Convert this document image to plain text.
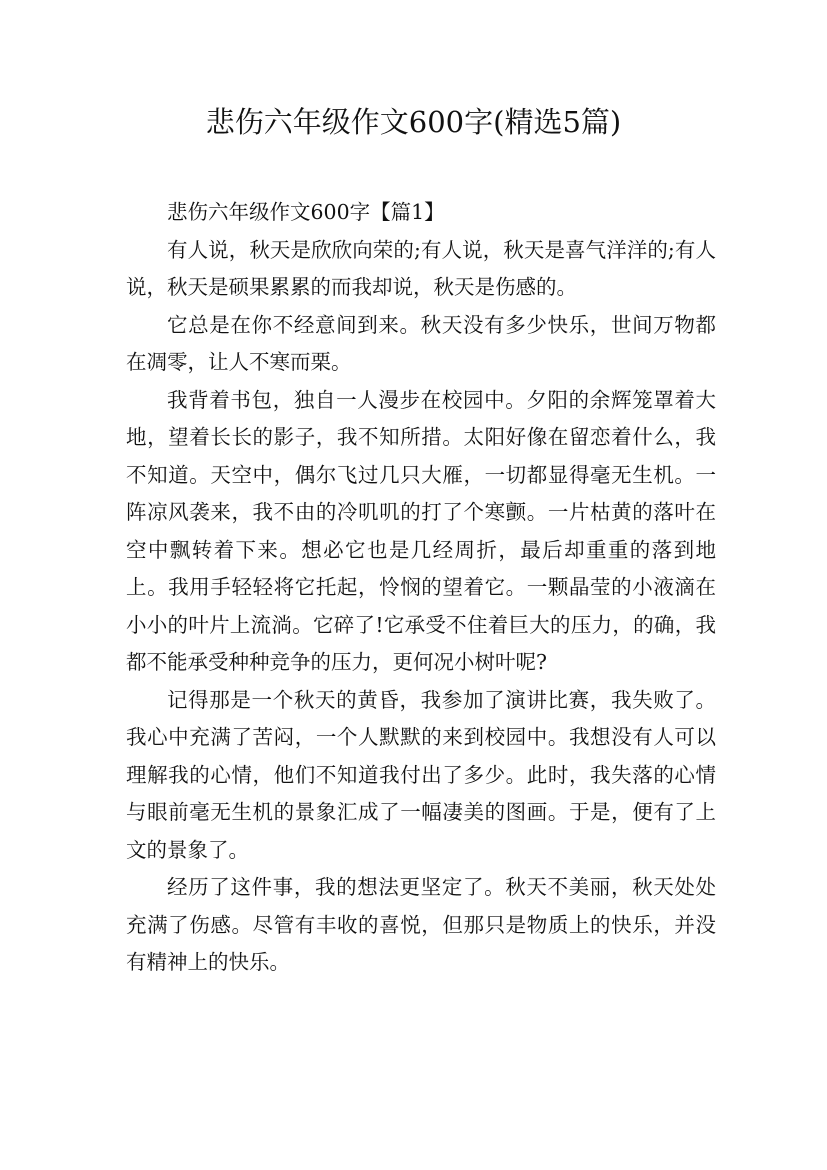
悲伤六年级作文600字(精选5篇)

悲伤六年级作文600字【篇1】

有人说，秋天是欣欣向荣的;有人说，秋天是喜气洋洋的;有人说，秋天是硕果累累的而我却说，秋天是伤感的。

它总是在你不经意间到来。秋天没有多少快乐，世间万物都在凋零，让人不寒而栗。

我背着书包，独自一人漫步在校园中。夕阳的余辉笼罩着大地，望着长长的影子，我不知所措。太阳好像在留恋着什么，我不知道。天空中，偶尔飞过几只大雁，一切都显得毫无生机。一阵凉风袭来，我不由的冷叽叽的打了个寒颤。一片枯黄的落叶在空中飘转着下来。想必它也是几经周折，最后却重重的落到地上。我用手轻轻将它托起，怜悯的望着它。一颗晶莹的小液滴在小小的叶片上流淌。它碎了!它承受不住着巨大的压力，的确，我都不能承受种种竞争的压力，更何况小树叶呢?

记得那是一个秋天的黄昏，我参加了演讲比赛，我失败了。我心中充满了苦闷，一个人默默的来到校园中。我想没有人可以理解我的心情，他们不知道我付出了多少。此时，我失落的心情与眼前毫无生机的景象汇成了一幅凄美的图画。于是，便有了上文的景象了。

经历了这件事，我的想法更坚定了。秋天不美丽，秋天处处充满了伤感。尽管有丰收的喜悦，但那只是物质上的快乐，并没有精神上的快乐。
